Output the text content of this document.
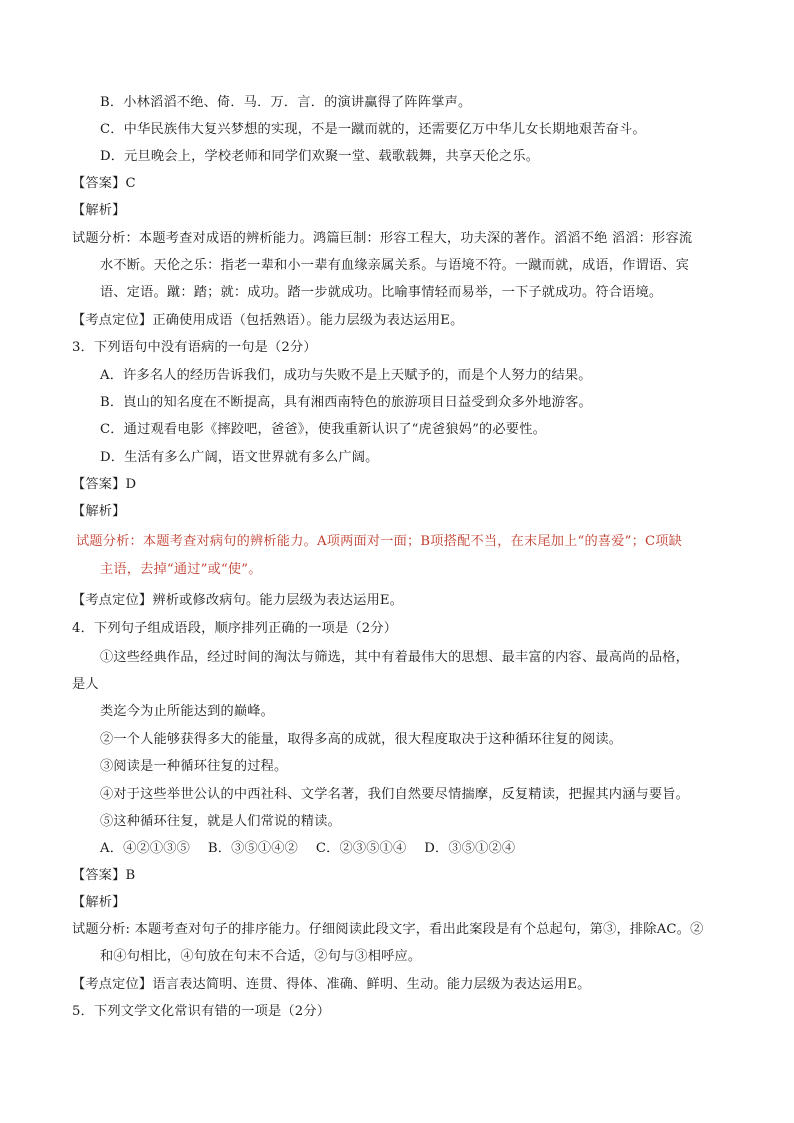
B．小林滔滔不绝、倚．马．万．言．的演讲赢得了阵阵掌声。
C．中华民族伟大复兴梦想的实现，不是一蹴而就的，还需要亿万中华儿女长期地艰苦奋斗。
D．元旦晚会上，学校老师和同学们欢聚一堂、载歌载舞，共享天伦之乐。
【答案】C
【解析】
试题分析：本题考查对成语的辨析能力。鸿篇巨制：形容工程大，功夫深的著作。滔滔不绝 滔滔：形容流
水不断。天伦之乐：指老一辈和小一辈有血缘亲属关系。与语境不符。一蹴而就，成语，作谓语、宾
语、定语。蹴：踏；就：成功。踏一步就成功。比喻事情轻而易举，一下子就成功。符合语境。
【考点定位】正确使用成语（包括熟语）。能力层级为表达运用E。
3．下列语句中没有语病的一句是（2分）
A．许多名人的经历告诉我们，成功与失败不是上天赋予的，而是个人努力的结果。
B．崀山的知名度在不断提高，具有湘西南特色的旅游项目日益受到众多外地游客。
C．通过观看电影《摔跤吧，爸爸》，使我重新认识了“虎爸狼妈”的必要性。
D．生活有多么广阔，语文世界就有多么广阔。
【答案】D
【解析】
试题分析：本题考查对病句的辨析能力。A项两面对一面；B项搭配不当，在末尾加上“的喜爱”；C项缺
主语，去掉“通过”或“使”。
【考点定位】辨析或修改病句。能力层级为表达运用E。
4．下列句子组成语段，顺序排列正确的一项是（2分）
①这些经典作品，经过时间的淘汰与筛选，其中有着最伟大的思想、最丰富的内容、最高尚的品格，
是人
类迄今为止所能达到的巅峰。
②一个人能够获得多大的能量，取得多高的成就，很大程度取决于这种循环往复的阅读。
③阅读是一种循环往复的过程。
④对于这些举世公认的中西社科、文学名著，我们自然要尽情揣摩，反复精读，把握其内涵与要旨。
⑤这种循环往复，就是人们常说的精读。
A．④②①③⑤　 B．③⑤①④②　 C．②③⑤①④　 D．③⑤①②④
【答案】B
【解析】
试题分析: 本题考查对句子的排序能力。仔细阅读此段文字，看出此案段是有个总起句，第③，排除AC。②
和④句相比，④句放在句末不合适，②句与③相呼应。
【考点定位】语言表达简明、连贯、得体、准确、鲜明、生动。能力层级为表达运用E。
5．下列文学文化常识有错的一项是（2分）
